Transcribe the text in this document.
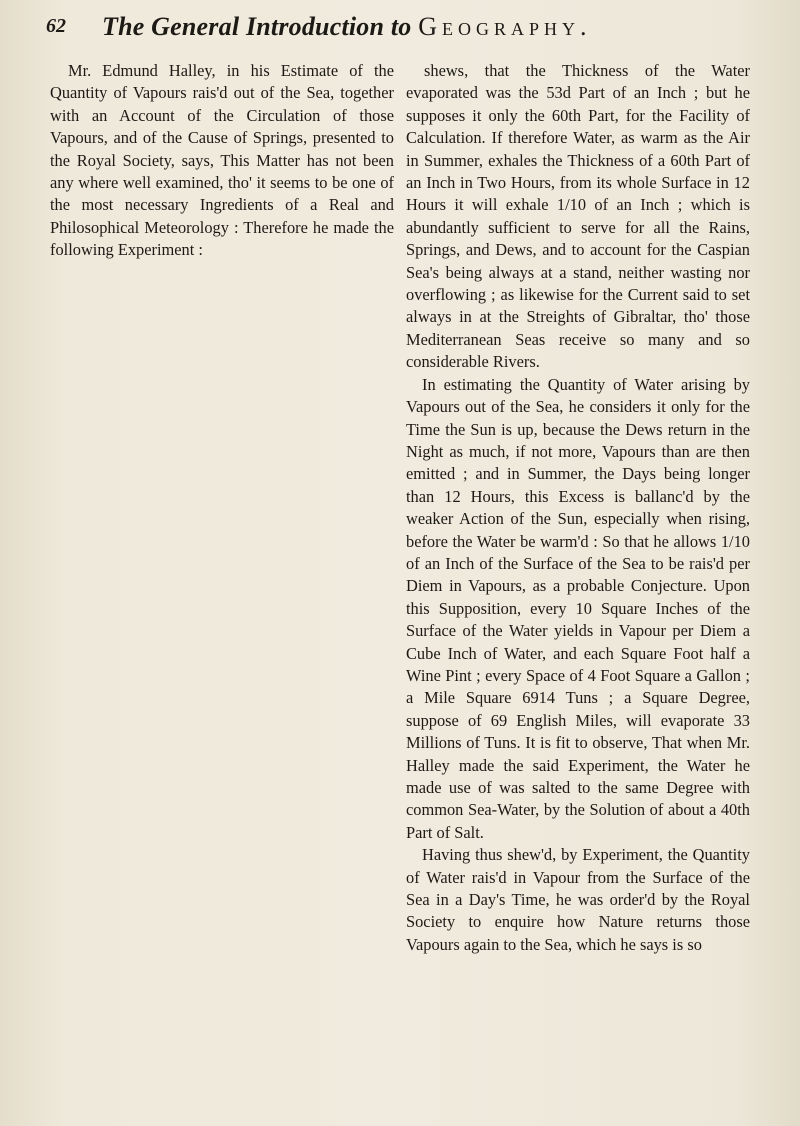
62 The General Introduction to Geography.

Mr. Edmund Halley, in his Estimate of the Quantity of Vapours rais'd out of the Sea, together with an Account of the Circulation of those Vapours, and of the Cause of Springs, presented to the Royal Society, says, This Matter has not been any where well examined, tho' it seems to be one of the most necessary Ingredients of a Real and Philosophical Meteorology : Therefore he made the following Experiment :

shews, that the Thickness of the Water evaporated was the 53d Part of an Inch ; but he supposes it only the 60th Part, for the Facility of Calculation. If therefore Water, as warm as the Air in Summer, exhales the Thickness of a 60th Part of an Inch in Two Hours, from its whole Surface in 12 Hours it will exhale 1/10 of an Inch ; which is abundantly sufficient to serve for all the Rains, Springs, and Dews, and to account for the Caspian Sea's being always at a stand, neither wasting nor overflowing ; as likewise for the Current said to set always in at the Streights of Gibraltar, tho' those Mediterranean Seas receive so many and so considerable Rivers.

In estimating the Quantity of Water arising by Vapours out of the Sea, he considers it only for the Time the Sun is up, because the Dews return in the Night as much, if not more, Vapours than are then emitted ; and in Summer, the Days being longer than 12 Hours, this Excess is ballanc'd by the weaker Action of the Sun, especially when rising, before the Water be warm'd : So that he allows 1/10 of an Inch of the Surface of the Sea to be rais'd per Diem in Vapours, as a probable Conjecture. Upon this Supposition, every 10 Square Inches of the Surface of the Water yields in Vapour per Diem a Cube Inch of Water, and each Square Foot half a Wine Pint ; every Space of 4 Foot Square a Gallon ; a Mile Square 6914 Tuns ; a Square Degree, suppose of 69 English Miles, will evaporate 33 Millions of Tuns. It is fit to observe, That when Mr. Halley made the said Experiment, the Water he made use of was salted to the same Degree with common Sea-Water, by the Solution of about a 40th Part of Salt.

Having thus shew'd, by Experiment, the Quantity of Water rais'd in Vapour from the Surface of the Sea in a Day's Time, he was order'd by the Royal Society to enquire how Nature returns those Vapours again to the Sea, which he says is so
